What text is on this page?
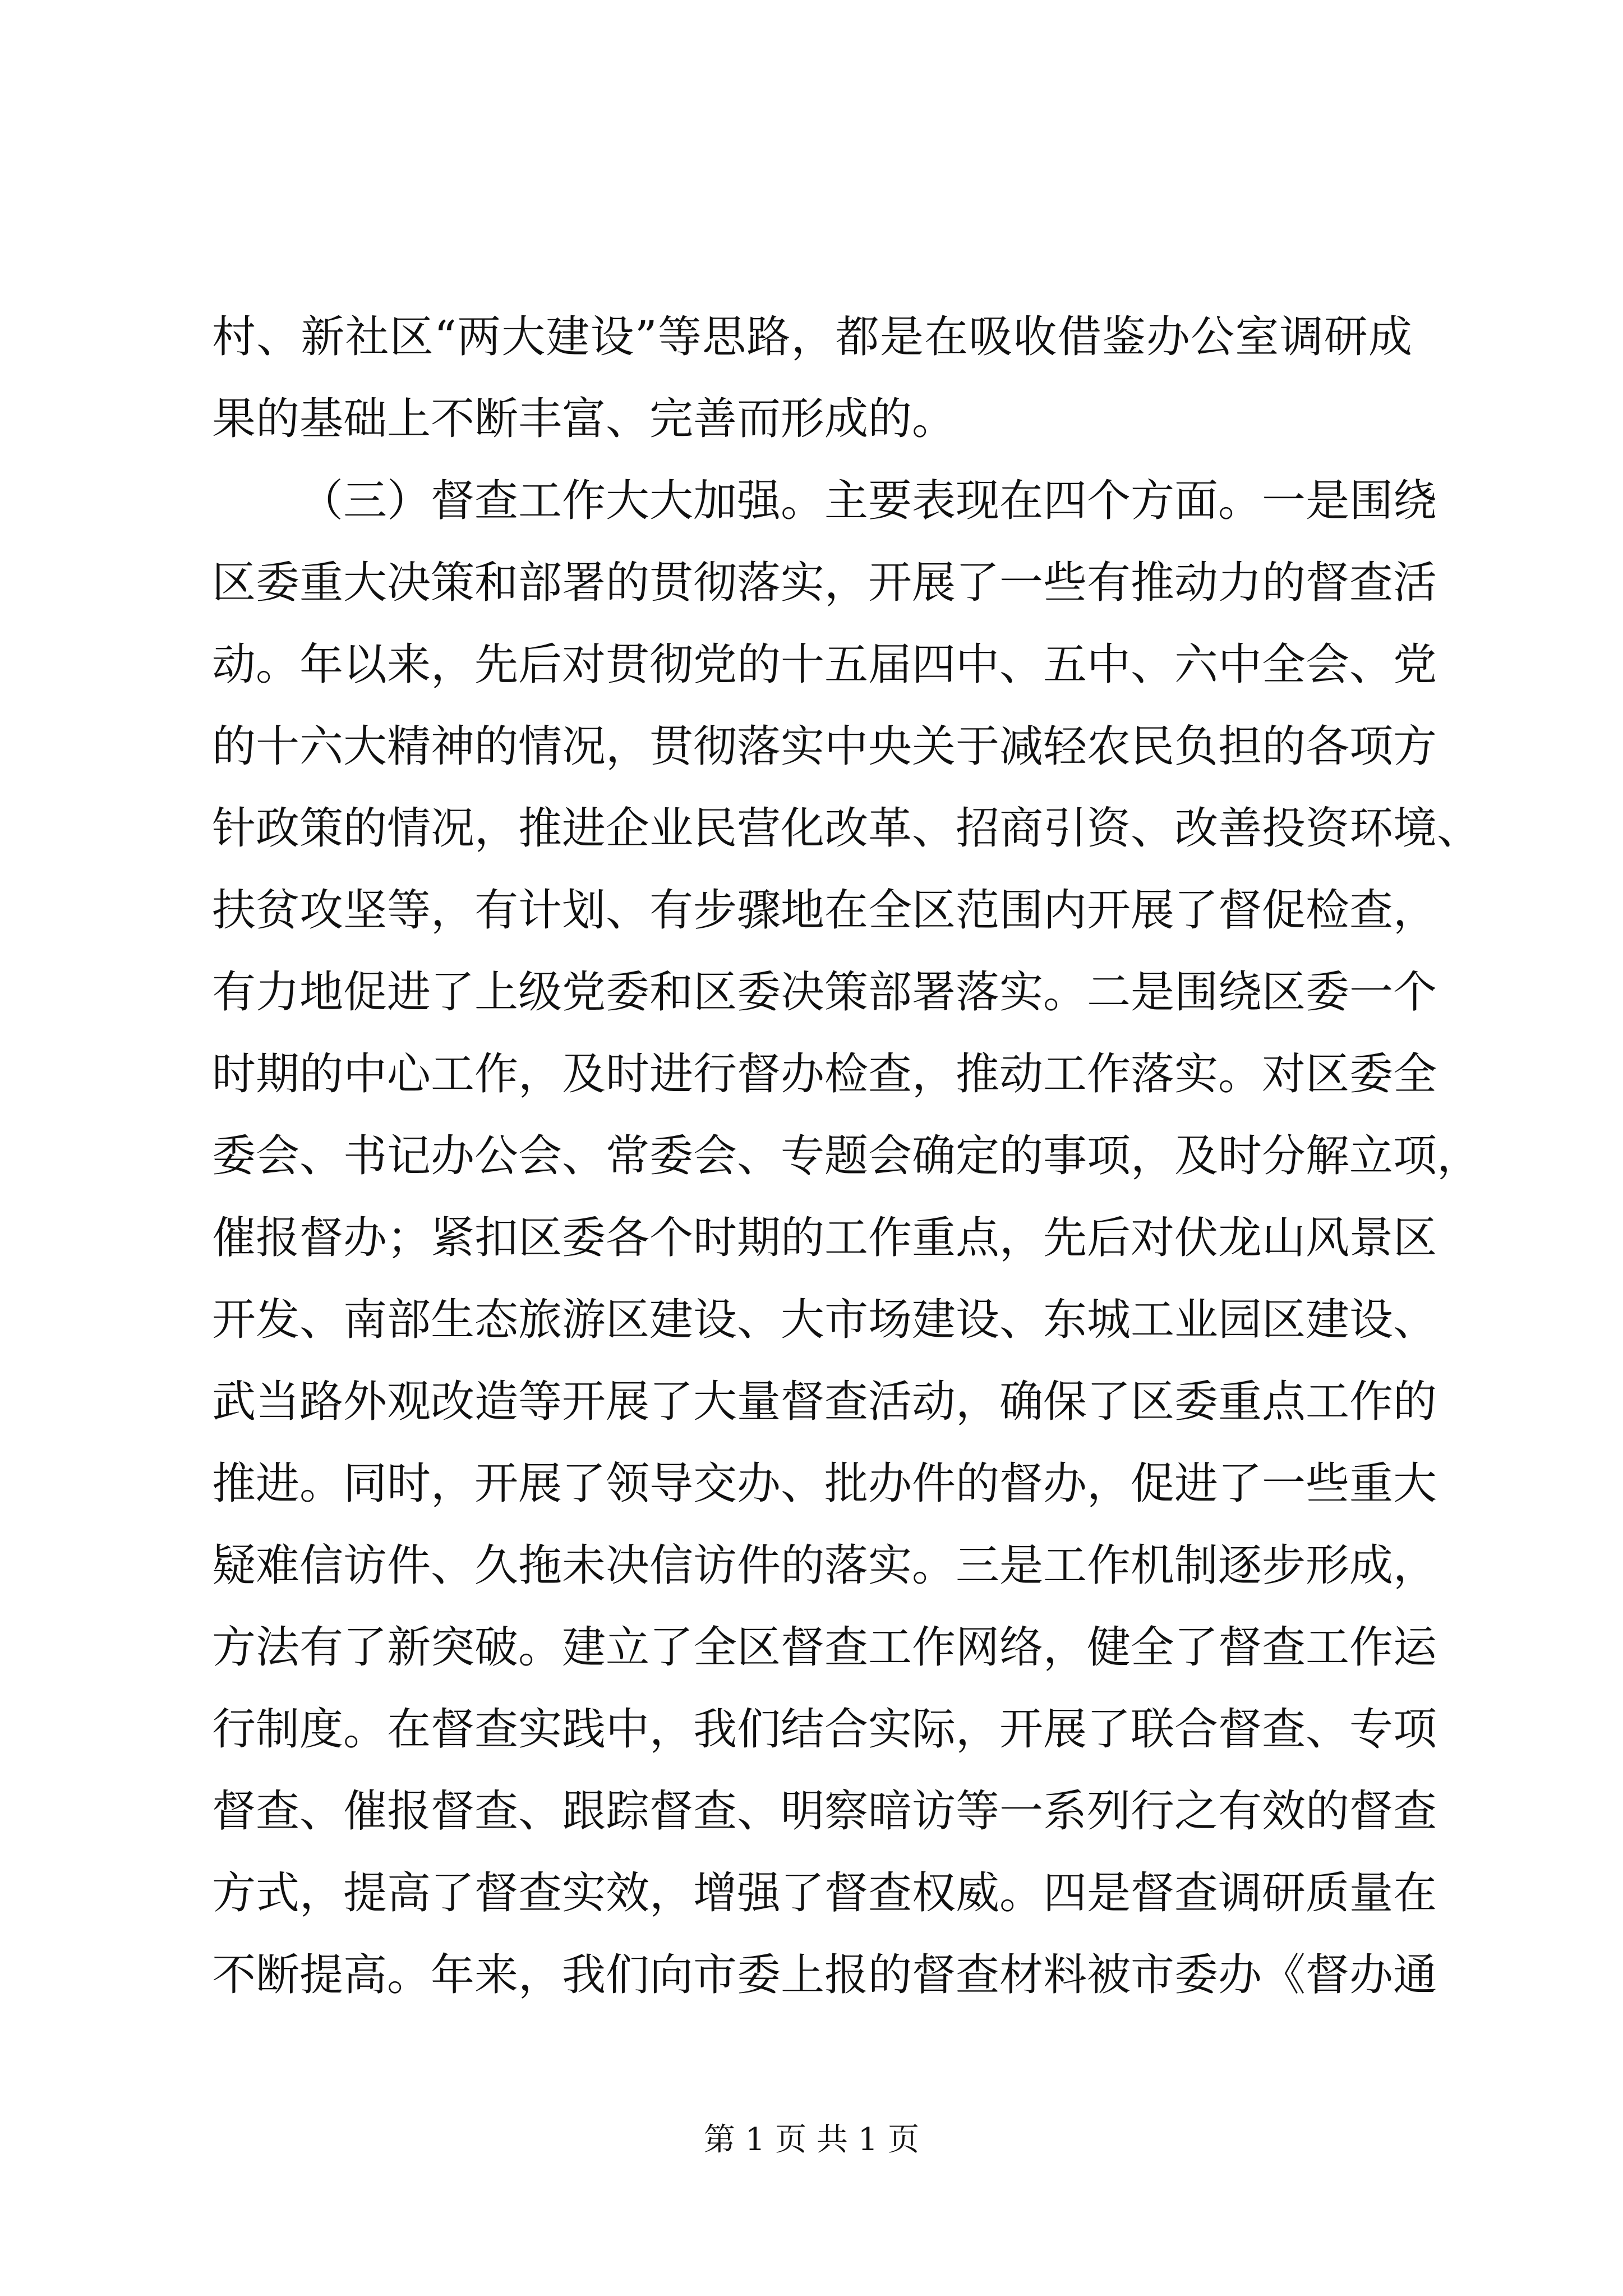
村、新社区“两大建设”等思路，都是在吸收借鉴办公室调研成
果的基础上不断丰富、完善而形成的。
（三）督查工作大大加强。主要表现在四个方面。一是围绕
区委重大决策和部署的贯彻落实，开展了一些有推动力的督查活
动。年以来，先后对贯彻党的十五届四中、五中、六中全会、党
的十六大精神的情况，贯彻落实中央关于减轻农民负担的各项方
针政策的情况，推进企业民营化改革、招商引资、改善投资环境、
扶贫攻坚等，有计划、有步骤地在全区范围内开展了督促检查，
有力地促进了上级党委和区委决策部署落实。二是围绕区委一个
时期的中心工作，及时进行督办检查，推动工作落实。对区委全
委会、书记办公会、常委会、专题会确定的事项，及时分解立项，
催报督办；紧扣区委各个时期的工作重点，先后对伏龙山风景区
开发、南部生态旅游区建设、大市场建设、东城工业园区建设、
武当路外观改造等开展了大量督查活动，确保了区委重点工作的
推进。同时，开展了领导交办、批办件的督办，促进了一些重大
疑难信访件、久拖未决信访件的落实。三是工作机制逐步形成，
方法有了新突破。建立了全区督查工作网络，健全了督查工作运
行制度。在督查实践中，我们结合实际，开展了联合督查、专项
督查、催报督查、跟踪督查、明察暗访等一系列行之有效的督查
方式，提高了督查实效，增强了督查权威。四是督查调研质量在
不断提高。年来，我们向市委上报的督查材料被市委办《督办通
第 1 页 共 1 页
